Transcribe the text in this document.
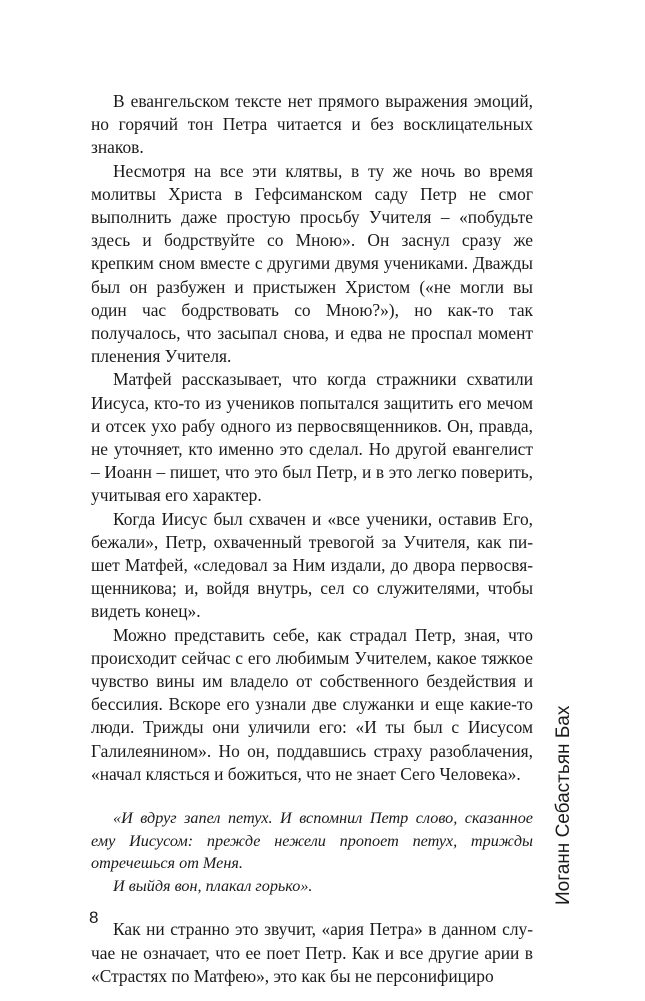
В евангельском тексте нет прямого выражения эмоций, но горячий тон Петра читается и без восклицательных знаков.

Несмотря на все эти клятвы, в ту же ночь во время молитвы Христа в Гефсиманском саду Петр не смог выполнить даже простую просьбу Учителя – «побудьте здесь и бодрствуйте со Мною». Он заснул сразу же крепким сном вместе с другими двумя учениками. Дважды был он разбужен и пристыжен Христом («не могли вы один час бодрствовать со Мною?»), но как-то так получалось, что засыпал снова, и едва не проспал момент пленения Учителя.

Матфей рассказывает, что когда стражники схватили Иисуса, кто-то из учеников попытался защитить его мечом и отсек ухо рабу одного из первосвященников. Он, правда, не уточняет, кто именно это сделал. Но другой евангелист – Иоанн – пишет, что это был Петр, и в это легко поверить, учитывая его характер.

Когда Иисус был схвачен и «все ученики, оставив Его, бежали», Петр, охваченный тревогой за Учителя, как пишет Матфей, «следовал за Ним издали, до двора первосвященникова; и, войдя внутрь, сел со служителями, чтобы видеть конец».

Можно представить себе, как страдал Петр, зная, что происходит сейчас с его любимым Учителем, какое тяжкое чувство вины им владело от собственного бездействия и бессилия. Вскоре его узнали две служанки и еще какие-то люди. Трижды они уличили его: «И ты был с Иисусом Галилеянином». Но он, поддавшись страху разоблачения, «начал клясться и божиться, что не знает Сего Человека».

«И вдруг запел петух. И вспомнил Петр слово, сказанное ему Иисусом: прежде нежели пропоет петух, трижды отречешься от Меня.

И выйдя вон, плакал горько».

Как ни странно это звучит, «ария Петра» в данном случае не означает, что ее поет Петр. Как и все другие арии в «Страстях по Матфею», это как бы не персонифициро

8
Иоганн Себастьян Бах
